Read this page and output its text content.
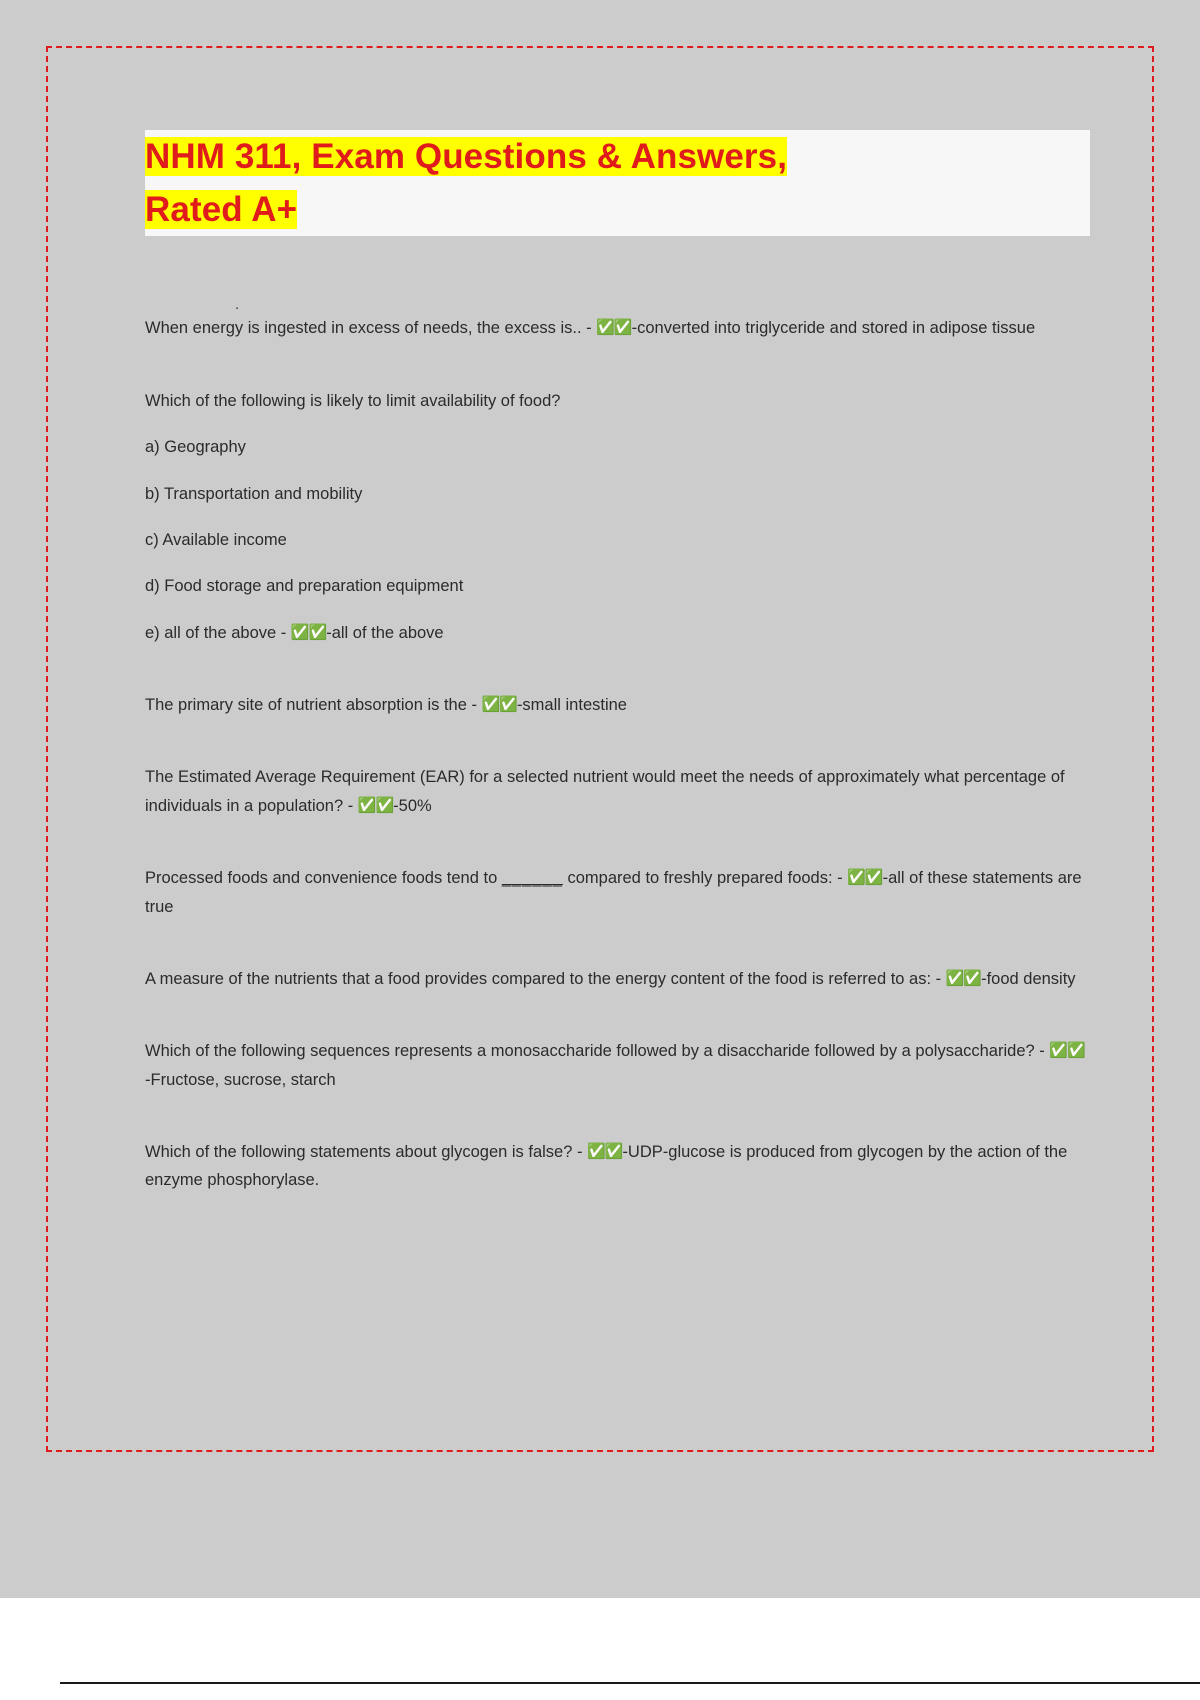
NHM 311, Exam Questions & Answers,
Rated A+
.
When energy is ingested in excess of needs, the excess is.. - ✅✅-converted into triglyceride and stored in adipose tissue
Which of the following is likely to limit availability of food?
a) Geography
b) Transportation and mobility
c) Available income
d) Food storage and preparation equipment
e) all of the above - ✅✅-all of the above
The primary site of nutrient absorption is the - ✅✅-small intestine
The Estimated Average Requirement (EAR) for a selected nutrient would meet the needs of approximately what percentage of individuals in a population? - ✅✅-50%
Processed foods and convenience foods tend to ______ compared to freshly prepared foods: - ✅✅-all of these statements are true
A measure of the nutrients that a food provides compared to the energy content of the food is referred to as: - ✅✅-food density
Which of the following sequences represents a monosaccharide followed by a disaccharide followed by a polysaccharide? - ✅✅-Fructose, sucrose, starch
Which of the following statements about glycogen is false? - ✅✅-UDP-glucose is produced from glycogen by the action of the enzyme phosphorylase.
